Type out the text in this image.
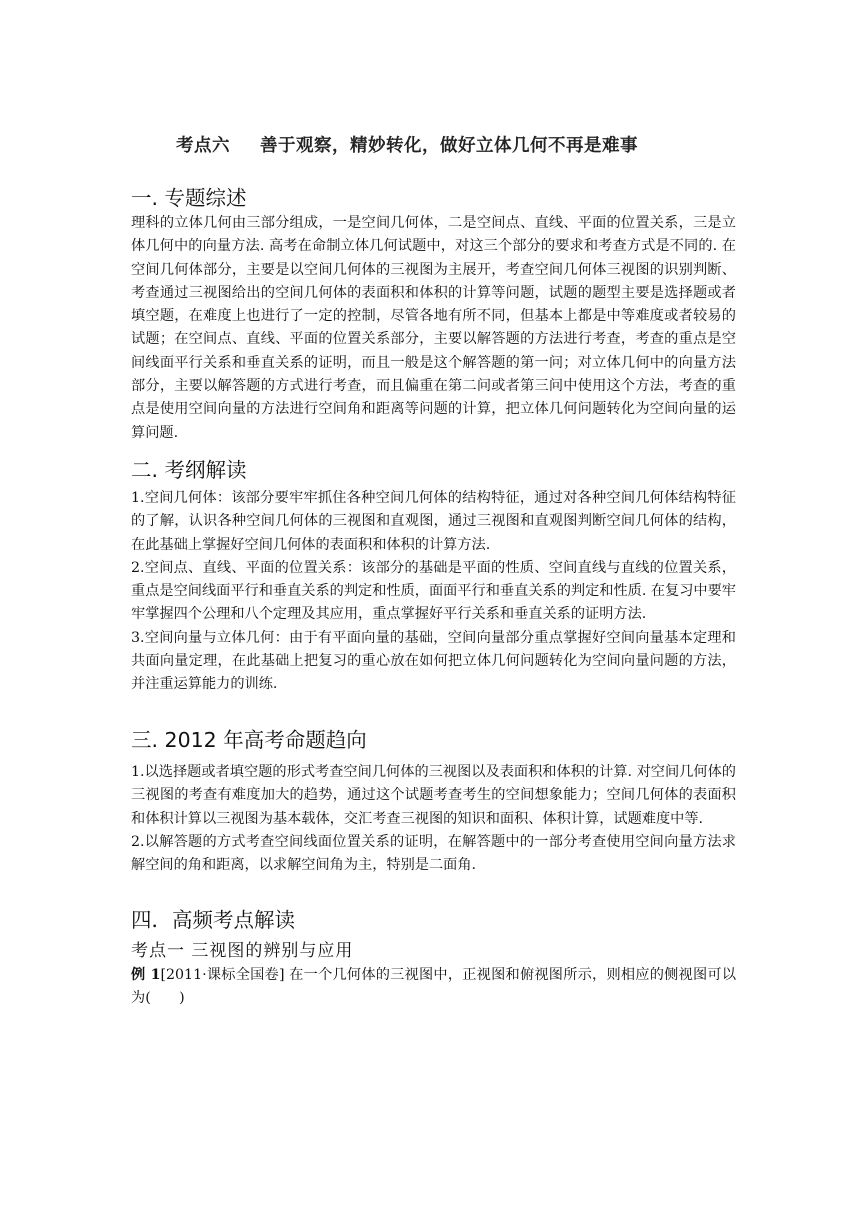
考点六 善于观察，精妙转化，做好立体几何不再是难事
一. 专题综述

理科的立体几何由三部分组成，一是空间几何体，二是空间点、直线、平面的位置关系，三是立体几何中的向量方法. 高考在命制立体几何试题中，对这三个部分的要求和考查方式是不同的. 在空间几何体部分，主要是以空间几何体的三视图为主展开，考查空间几何体三视图的识别判断、考查通过三视图给出的空间几何体的表面积和体积的计算等问题，试题的题型主要是选择题或者填空题，在难度上也进行了一定的控制，尽管各地有所不同，但基本上都是中等难度或者较易的试题；在空间点、直线、平面的位置关系部分，主要以解答题的方法进行考查，考查的重点是空间线面平行关系和垂直关系的证明，而且一般是这个解答题的第一问；对立体几何中的向量方法部分，主要以解答题的方式进行考查，而且偏重在第二问或者第三问中使用这个方法，考查的重点是使用空间向量的方法进行空间角和距离等问题的计算，把立体几何问题转化为空间向量的运算问题.

二. 考纲解读

1.空间几何体：该部分要牢牢抓住各种空间几何体的结构特征，通过对各种空间几何体结构特征的了解，认识各种空间几何体的三视图和直观图，通过三视图和直观图判断空间几何体的结构，在此基础上掌握好空间几何体的表面积和体积的计算方法.

2.空间点、直线、平面的位置关系：该部分的基础是平面的性质、空间直线与直线的位置关系，重点是空间线面平行和垂直关系的判定和性质，面面平行和垂直关系的判定和性质. 在复习中要牢牢掌握四个公理和八个定理及其应用，重点掌握好平行关系和垂直关系的证明方法.

3.空间向量与立体几何：由于有平面向量的基础，空间向量部分重点掌握好空间向量基本定理和共面向量定理，在此基础上把复习的重心放在如何把立体几何问题转化为空间向量问题的方法，并注重运算能力的训练.

三. 2012 年高考命题趋向

1.以选择题或者填空题的形式考查空间几何体的三视图以及表面积和体积的计算. 对空间几何体的三视图的考查有难度加大的趋势，通过这个试题考查考生的空间想象能力；空间几何体的表面积和体积计算以三视图为基本载体，交汇考查三视图的知识和面积、体积计算，试题难度中等.

2.以解答题的方式考查空间线面位置关系的证明，在解答题中的一部分考查使用空间向量方法求解空间的角和距离，以求解空间角为主，特别是二面角.

四．高频考点解读
考点一 三视图的辨别与应用
例 1[2011·课标全国卷] 在一个几何体的三视图中，正视图和俯视图所示，则相应的侧视图可以为(　　)
